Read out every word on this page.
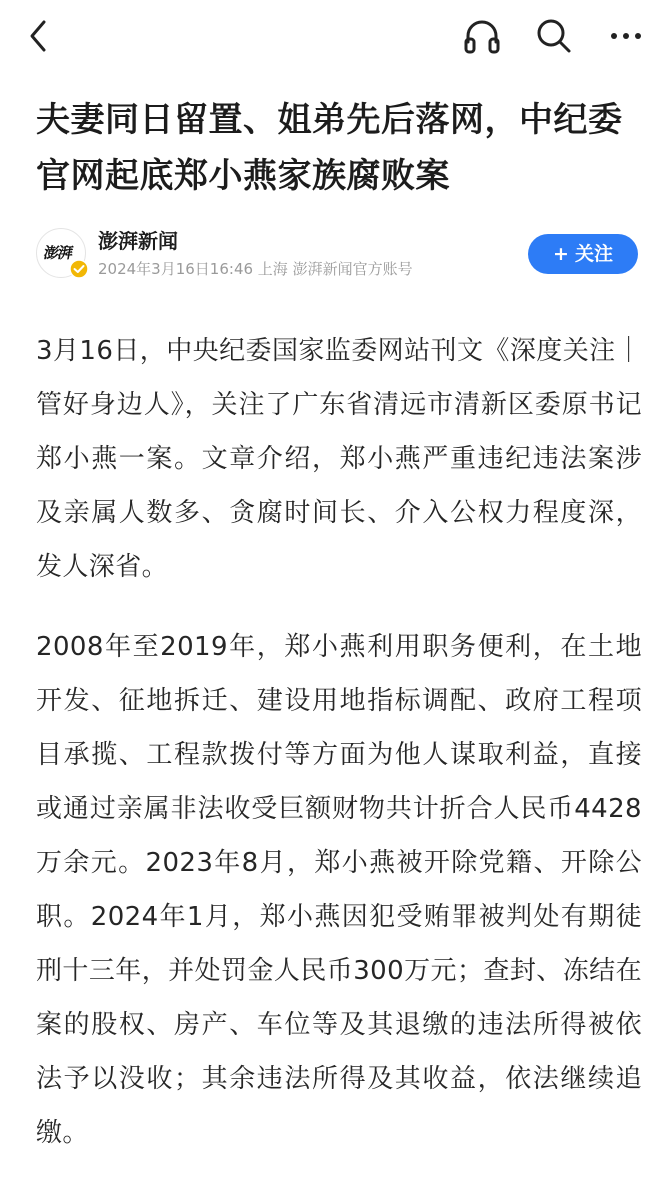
夫妻同日留置、姐弟先后落网，中纪委官网起底郑小燕家族腐败案
澎湃 澎湃新闻
2024年3月16日16:46 上海 澎湃新闻官方账号
+ 关注

3月16日，中央纪委国家监委网站刊文《深度关注｜管好身边人》，关注了广东省清远市清新区委原书记郑小燕一案。文章介绍，郑小燕严重违纪违法案涉及亲属人数多、贪腐时间长、介入公权力程度深，发人深省。

2008年至2019年，郑小燕利用职务便利，在土地开发、征地拆迁、建设用地指标调配、政府工程项目承揽、工程款拨付等方面为他人谋取利益，直接或通过亲属非法收受巨额财物共计折合人民币4428万余元。2023年8月，郑小燕被开除党籍、开除公职。2024年1月，郑小燕因犯受贿罪被判处有期徒刑十三年，并处罚金人民币300万元；查封、冻结在案的股权、房产、车位等及其退缴的违法所得被依法予以没收；其余违法所得及其收益，依法继续追缴。
